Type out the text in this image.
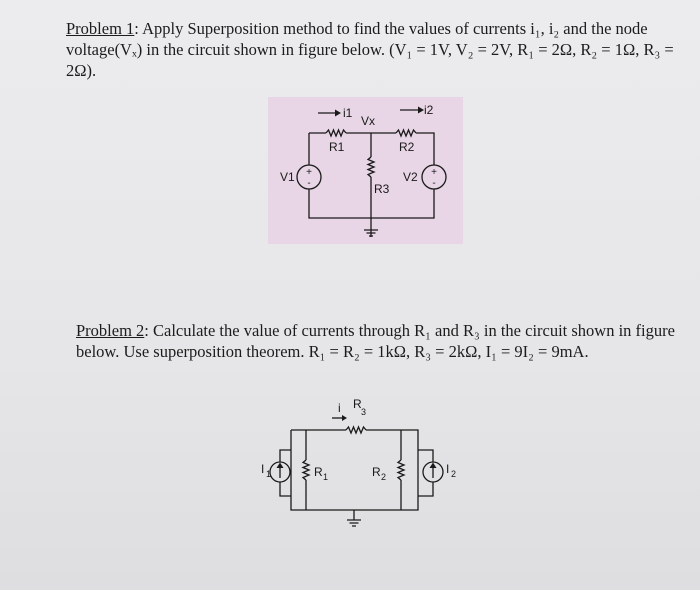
Problem 1: Apply Superposition method to find the values of currents i₁, i₂ and the node voltage(Vₓ) in the circuit shown in figure below. (V₁ = 1V, V₂ = 2V, R₁ = 2Ω, R₂ = 1Ω, R₃ = 2Ω).
i1	i2
Vx
R1	R2
R3
V1	V2
+
-
+
-
Problem 2: Calculate the value of currents through R₁ and R₃ in the circuit shown in figure below. Use superposition theorem. R₁ = R₂ = 1kΩ, R₃ = 2kΩ, I₁ = 9I₂ = 9mA.
i R
3
R 1	R 2
I 1	I 2
